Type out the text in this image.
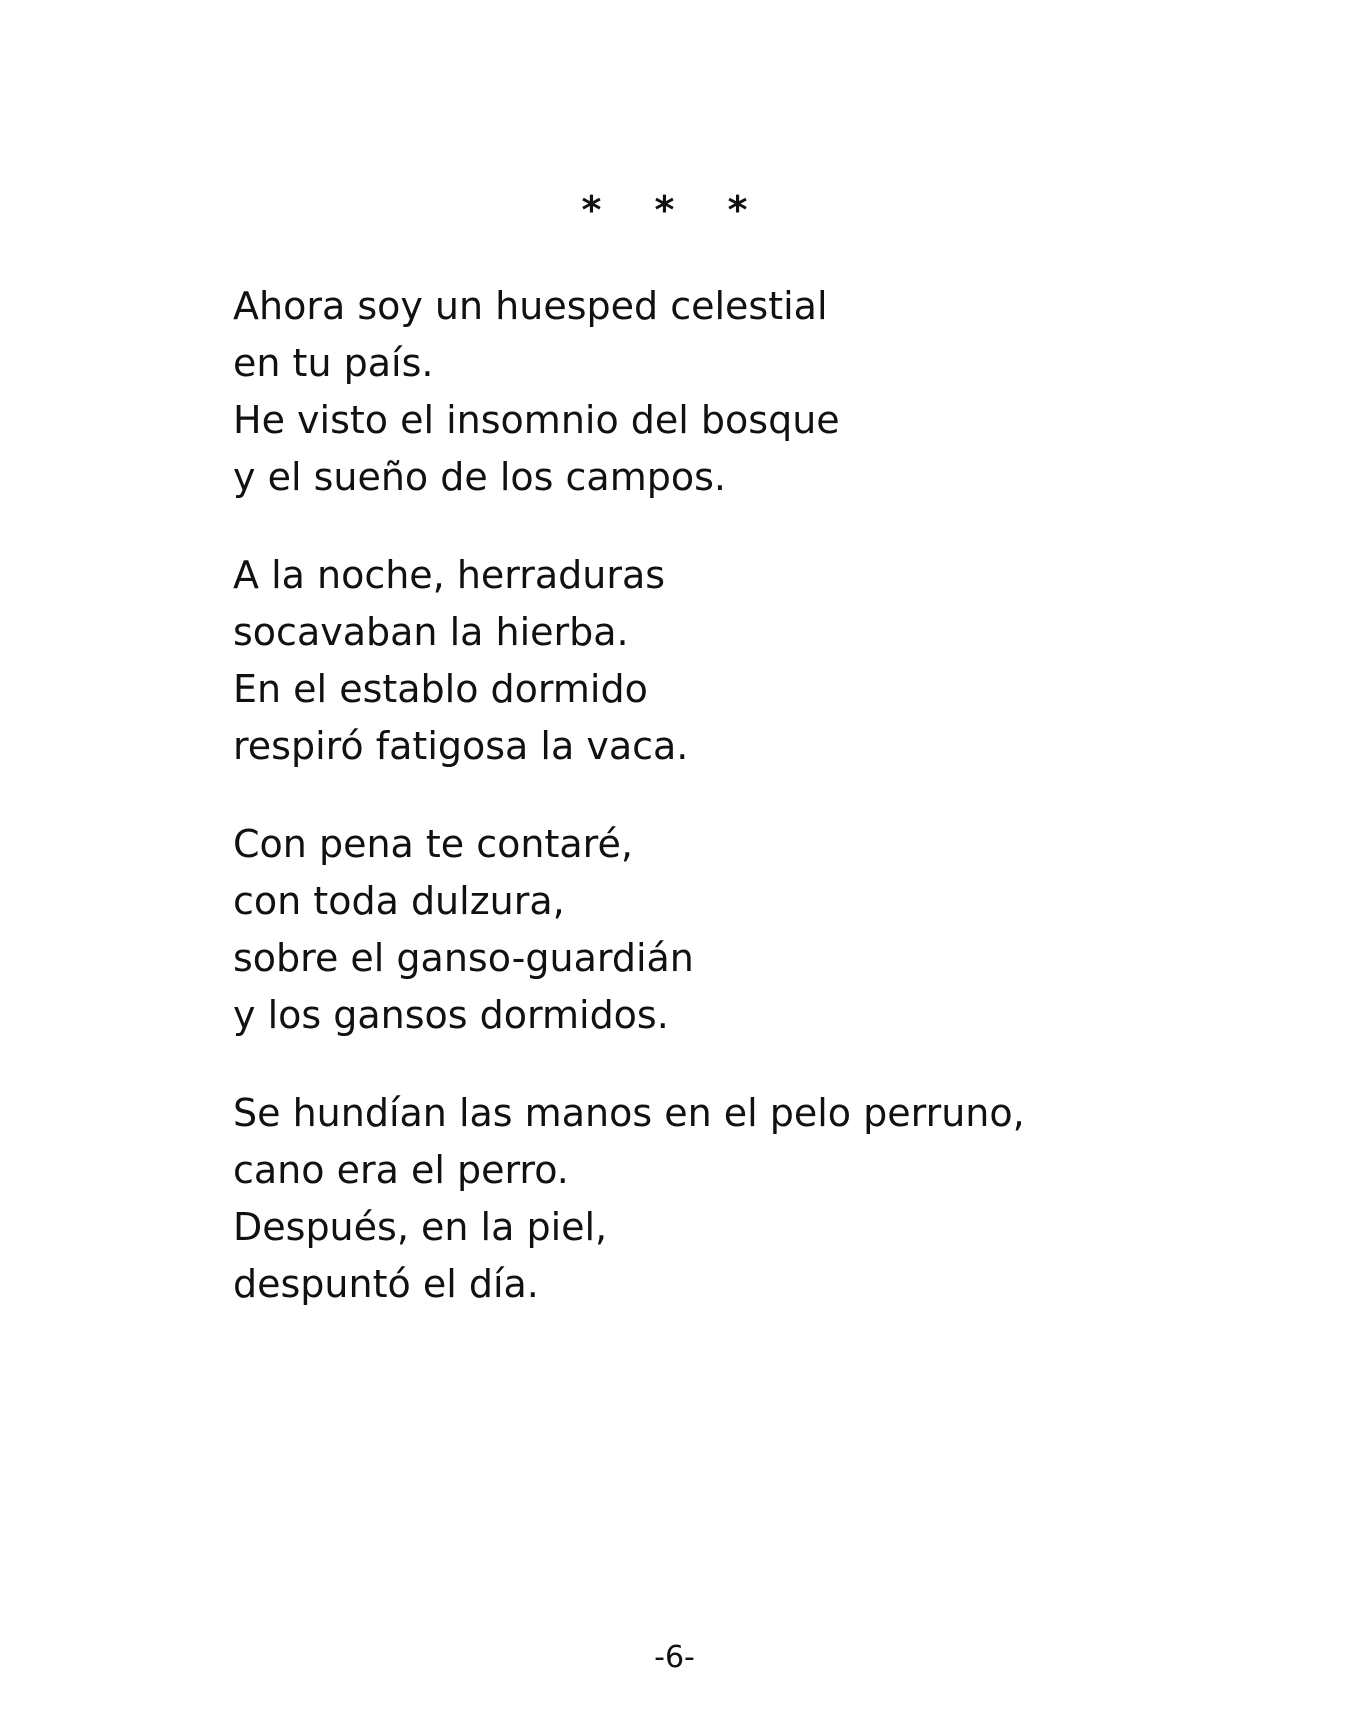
* * *
Ahora soy un huesped celestial
en tu país.
He visto el insomnio del bosque
y el sueño de los campos.
A la noche, herraduras
socavaban la hierba.
En el establo dormido
respiró fatigosa la vaca.
Con pena te contaré,
con toda dulzura,
sobre el ganso-guardián
y los gansos dormidos.
Se hundían las manos en el pelo perruno,
cano era el perro.
Después, en la piel,
despuntó el día.
-6-
